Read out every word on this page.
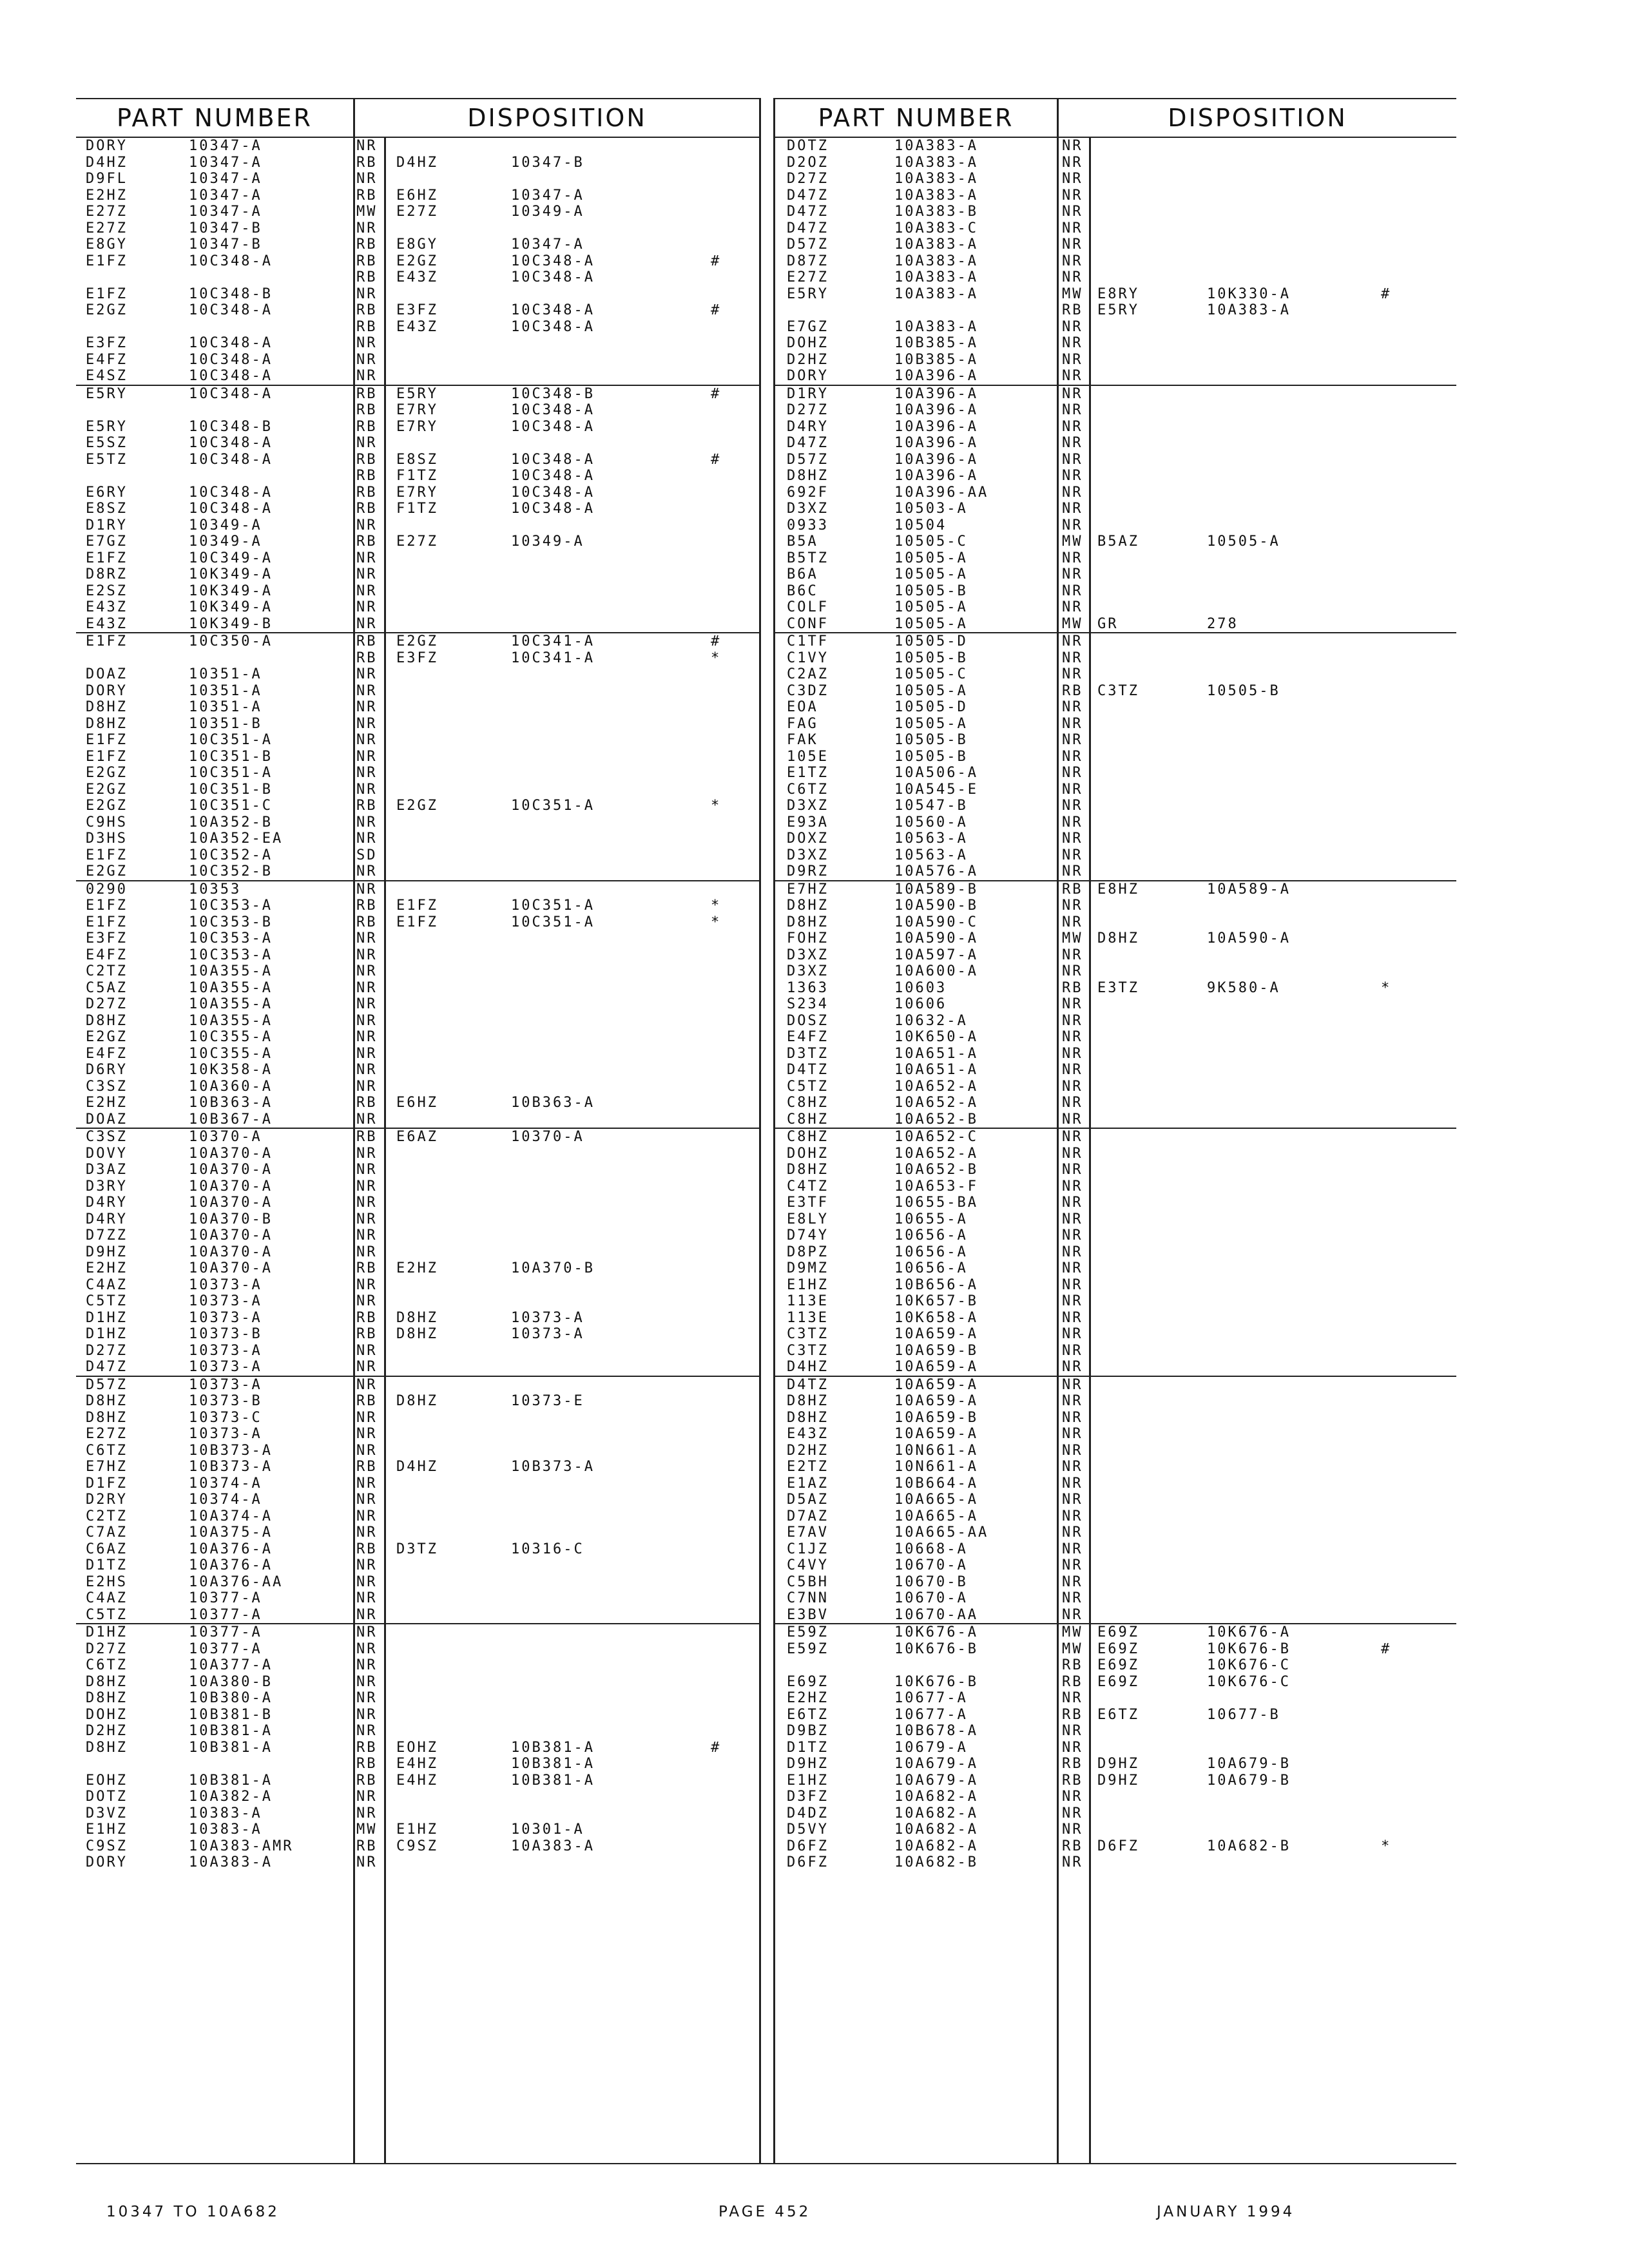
PART NUMBER	DISPOSITION	PART NUMBER	DISPOSITION
DORY	10347-A	NR
D4HZ	10347-A	RB D4HZ	10347-B
D9FL	10347-A	NR
E2HZ	10347-A	RB E6HZ	10347-A
E27Z	10347-A	MW E27Z	10349-A
E27Z	10347-B	NR
E8GY	10347-B	RB E8GY	10347-A
E1FZ	10C348-A	RB E2GZ	10C348-A	#
RB E43Z	10C348-A
E1FZ	10C348-B	NR
E2GZ	10C348-A	RB E3FZ	10C348-A	#
RB E43Z	10C348-A
E3FZ	10C348-A	NR
E4FZ	10C348-A	NR
E4SZ	10C348-A	NR
E5RY	10C348-A	RB E5RY	10C348-B	#
RB E7RY	10C348-A
E5RY	10C348-B	RB E7RY	10C348-A
E5SZ	10C348-A	NR
E5TZ	10C348-A	RB E8SZ	10C348-A	#
RB F1TZ	10C348-A
E6RY	10C348-A	RB E7RY	10C348-A
E8SZ	10C348-A	RB F1TZ	10C348-A
D1RY	10349-A	NR
E7GZ	10349-A	RB E27Z	10349-A
E1FZ	10C349-A	NR
D8RZ	10K349-A	NR
E2SZ	10K349-A	NR
E43Z	10K349-A	NR
E43Z	10K349-B	NR
E1FZ	10C350-A	RB E2GZ	10C341-A	#
RB E3FZ	10C341-A	*
DOAZ	10351-A	NR
DORY	10351-A	NR
D8HZ	10351-A	NR
D8HZ	10351-B	NR
E1FZ	10C351-A	NR
E1FZ	10C351-B	NR
E2GZ	10C351-A	NR
E2GZ	10C351-B	NR
E2GZ	10C351-C	RB E2GZ	10C351-A	*
C9HS	10A352-B	NR
D3HS	10A352-EA	NR
E1FZ	10C352-A	SD
E2GZ	10C352-B	NR
0290	10353	NR
E1FZ	10C353-A	RB E1FZ	10C351-A	*
E1FZ	10C353-B	RB E1FZ	10C351-A	*
E3FZ	10C353-A	NR
E4FZ	10C353-A	NR
C2TZ	10A355-A	NR
C5AZ	10A355-A	NR
D27Z	10A355-A	NR
D8HZ	10A355-A	NR
E2GZ	10C355-A	NR
E4FZ	10C355-A	NR
D6RY	10K358-A	NR
C3SZ	10A360-A	NR
E2HZ	10B363-A	RB E6HZ	10B363-A
DOAZ	10B367-A	NR
C3SZ	10370-A	RB E6AZ	10370-A
DOVY	10A370-A	NR
D3AZ	10A370-A	NR
D3RY	10A370-A	NR
D4RY	10A370-A	NR
D4RY	10A370-B	NR
D7ZZ	10A370-A	NR
D9HZ	10A370-A	NR
E2HZ	10A370-A	RB E2HZ	10A370-B
C4AZ	10373-A	NR
C5TZ	10373-A	NR
D1HZ	10373-A	RB D8HZ	10373-A
D1HZ	10373-B	RB D8HZ	10373-A
D27Z	10373-A	NR
D47Z	10373-A	NR
D57Z	10373-A	NR
D8HZ	10373-B	RB D8HZ	10373-E
D8HZ	10373-C	NR
E27Z	10373-A	NR
C6TZ	10B373-A	NR
E7HZ	10B373-A	RB D4HZ	10B373-A
D1FZ	10374-A	NR
D2RY	10374-A	NR
C2TZ	10A374-A	NR
C7AZ	10A375-A	NR
C6AZ	10A376-A	RB D3TZ	10316-C
D1TZ	10A376-A	NR
E2HS	10A376-AA	NR
C4AZ	10377-A	NR
C5TZ	10377-A	NR
D1HZ	10377-A	NR
D27Z	10377-A	NR
C6TZ	10A377-A	NR
D8HZ	10A380-B	NR
D8HZ	10B380-A	NR
DOHZ	10B381-B	NR
D2HZ	10B381-A	NR
D8HZ	10B381-A	RB EOHZ	10B381-A	#
RB E4HZ	10B381-A
EOHZ	10B381-A	RB E4HZ	10B381-A
DOTZ	10A382-A	NR
D3VZ	10383-A	NR
E1HZ	10383-A	MW E1HZ	10301-A
C9SZ	10A383-AMR	RB C9SZ	10A383-A
DORY	10A383-A	NR
DOTZ	10A383-A	NR
D2OZ	10A383-A	NR
D27Z	10A383-A	NR
D47Z	10A383-A	NR
D47Z	10A383-B	NR
D47Z	10A383-C	NR
D57Z	10A383-A	NR
D87Z	10A383-A	NR
E27Z	10A383-A	NR
E5RY	10A383-A	MW E8RY	10K330-A	#
RB E5RY	10A383-A
E7GZ	10A383-A	NR
DOHZ	10B385-A	NR
D2HZ	10B385-A	NR
DORY	10A396-A	NR
D1RY	10A396-A	NR
D27Z	10A396-A	NR
D4RY	10A396-A	NR
D47Z	10A396-A	NR
D57Z	10A396-A	NR
D8HZ	10A396-A	NR
692F	10A396-AA	NR
D3XZ	10503-A	NR
0933	10504	NR
B5A	10505-C	MW B5AZ	10505-A
B5TZ	10505-A	NR
B6A	10505-A	NR
B6C	10505-B	NR
COLF	10505-A	NR
CONF	10505-A	MW GR	278
C1TF	10505-D	NR
C1VY	10505-B	NR
C2AZ	10505-C	NR
C3DZ	10505-A	RB C3TZ	10505-B
EOA	10505-D	NR
FAG	10505-A	NR
FAK	10505-B	NR
105E	10505-B	NR
E1TZ	10A506-A	NR
C6TZ	10A545-E	NR
D3XZ	10547-B	NR
E93A	10560-A	NR
DOXZ	10563-A	NR
D3XZ	10563-A	NR
D9RZ	10A576-A	NR
E7HZ	10A589-B	RB E8HZ	10A589-A
D8HZ	10A590-B	NR
D8HZ	10A590-C	NR
FOHZ	10A590-A	MW D8HZ	10A590-A
D3XZ	10A597-A	NR
D3XZ	10A600-A	NR
1363	10603	RB E3TZ	9K580-A	*
S234	10606	NR
DOSZ	10632-A	NR
E4FZ	10K650-A	NR
D3TZ	10A651-A	NR
D4TZ	10A651-A	NR
C5TZ	10A652-A	NR
C8HZ	10A652-A	NR
C8HZ	10A652-B	NR
C8HZ	10A652-C	NR
DOHZ	10A652-A	NR
D8HZ	10A652-B	NR
C4TZ	10A653-F	NR
E3TF	10655-BA	NR
E8LY	10655-A	NR
D74Y	10656-A	NR
D8PZ	10656-A	NR
D9MZ	10656-A	NR
E1HZ	10B656-A	NR
113E	10K657-B	NR
113E	10K658-A	NR
C3TZ	10A659-A	NR
C3TZ	10A659-B	NR
D4HZ	10A659-A	NR
D4TZ	10A659-A	NR
D8HZ	10A659-A	NR
D8HZ	10A659-B	NR
E43Z	10A659-A	NR
D2HZ	10N661-A	NR
E2TZ	10N661-A	NR
E1AZ	10B664-A	NR
D5AZ	10A665-A	NR
D7AZ	10A665-A	NR
E7AV	10A665-AA	NR
C1JZ	10668-A	NR
C4VY	10670-A	NR
C5BH	10670-B	NR
C7NN	10670-A	NR
E3BV	10670-AA	NR
E59Z	10K676-A	MW E69Z	10K676-A
E59Z	10K676-B	MW E69Z	10K676-B	#
RB E69Z	10K676-C
E69Z	10K676-B	RB E69Z	10K676-C
E2HZ	10677-A	NR
E6TZ	10677-A	RB E6TZ	10677-B
D9BZ	10B678-A	NR
D1TZ	10679-A	NR
D9HZ	10A679-A	RB D9HZ	10A679-B
E1HZ	10A679-A	RB D9HZ	10A679-B
D3FZ	10A682-A	NR
D4DZ	10A682-A	NR
D5VY	10A682-A	NR
D6FZ	10A682-A	RB D6FZ	10A682-B	*
D6FZ	10A682-B	NR
10347 TO 10A682	PAGE 452	JANUARY 1994
